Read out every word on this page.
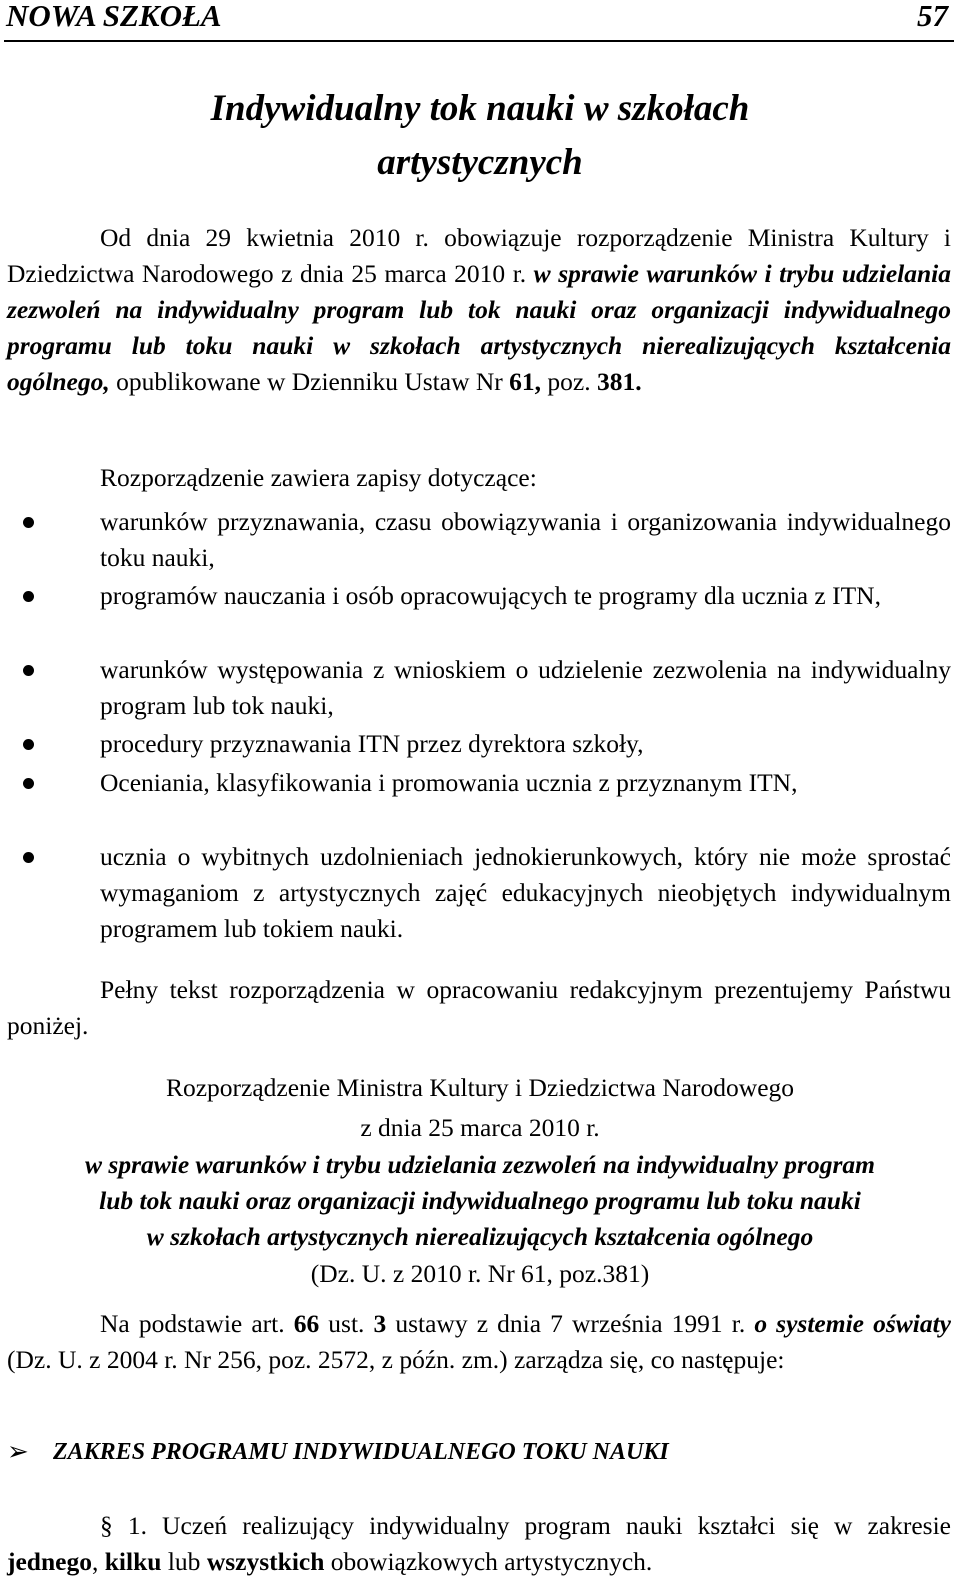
NOWA SZKOŁA	57
Indywidualny tok nauki w szkołach
artystycznych
Od dnia 29 kwietnia 2010 r. obowiązuje rozporządzenie Ministra Kultury i Dziedzictwa Narodowego z dnia 25 marca 2010 r. w sprawie warunków i trybu udzielania zezwoleń na indywidualny program lub tok nauki oraz organizacji indywidualnego programu lub toku nauki w szkołach artystycznych nierealizujących kształcenia ogólnego, opublikowane w Dzienniku Ustaw Nr 61, poz. 381.
Rozporządzenie zawiera zapisy dotyczące:
warunków przyznawania, czasu obowiązywania i organizowania indywidualnego toku nauki,
programów nauczania i osób opracowujących te programy dla ucznia z ITN,
warunków występowania z wnioskiem o udzielenie zezwolenia na indywidualny program lub tok nauki,
procedury przyznawania ITN przez dyrektora szkoły,
Oceniania, klasyfikowania i promowania ucznia z przyznanym ITN,
ucznia o wybitnych uzdolnieniach jednokierunkowych, który nie może sprostać wymaganiom z artystycznych zajęć edukacyjnych nieobjętych indywidualnym programem lub tokiem nauki.
Pełny tekst rozporządzenia w opracowaniu redakcyjnym prezentujemy Państwu poniżej.
Rozporządzenie Ministra Kultury i Dziedzictwa Narodowego
z dnia 25 marca 2010 r.
w sprawie warunków i trybu udzielania zezwoleń na indywidualny program
lub tok nauki oraz organizacji indywidualnego programu lub toku nauki
w szkołach artystycznych nierealizujących kształcenia ogólnego
(Dz. U. z 2010 r. Nr 61, poz.381)
Na podstawie art. 66 ust. 3 ustawy z dnia 7 września 1991 r. o systemie oświaty (Dz. U. z 2004 r. Nr 256, poz. 2572, z późn. zm.) zarządza się, co następuje:
➢ ZAKRES PROGRAMU INDYWIDUALNEGO TOKU NAUKI
§ 1. Uczeń realizujący indywidualny program nauki kształci się w zakresie jednego, kilku lub wszystkich obowiązkowych artystycznych.
